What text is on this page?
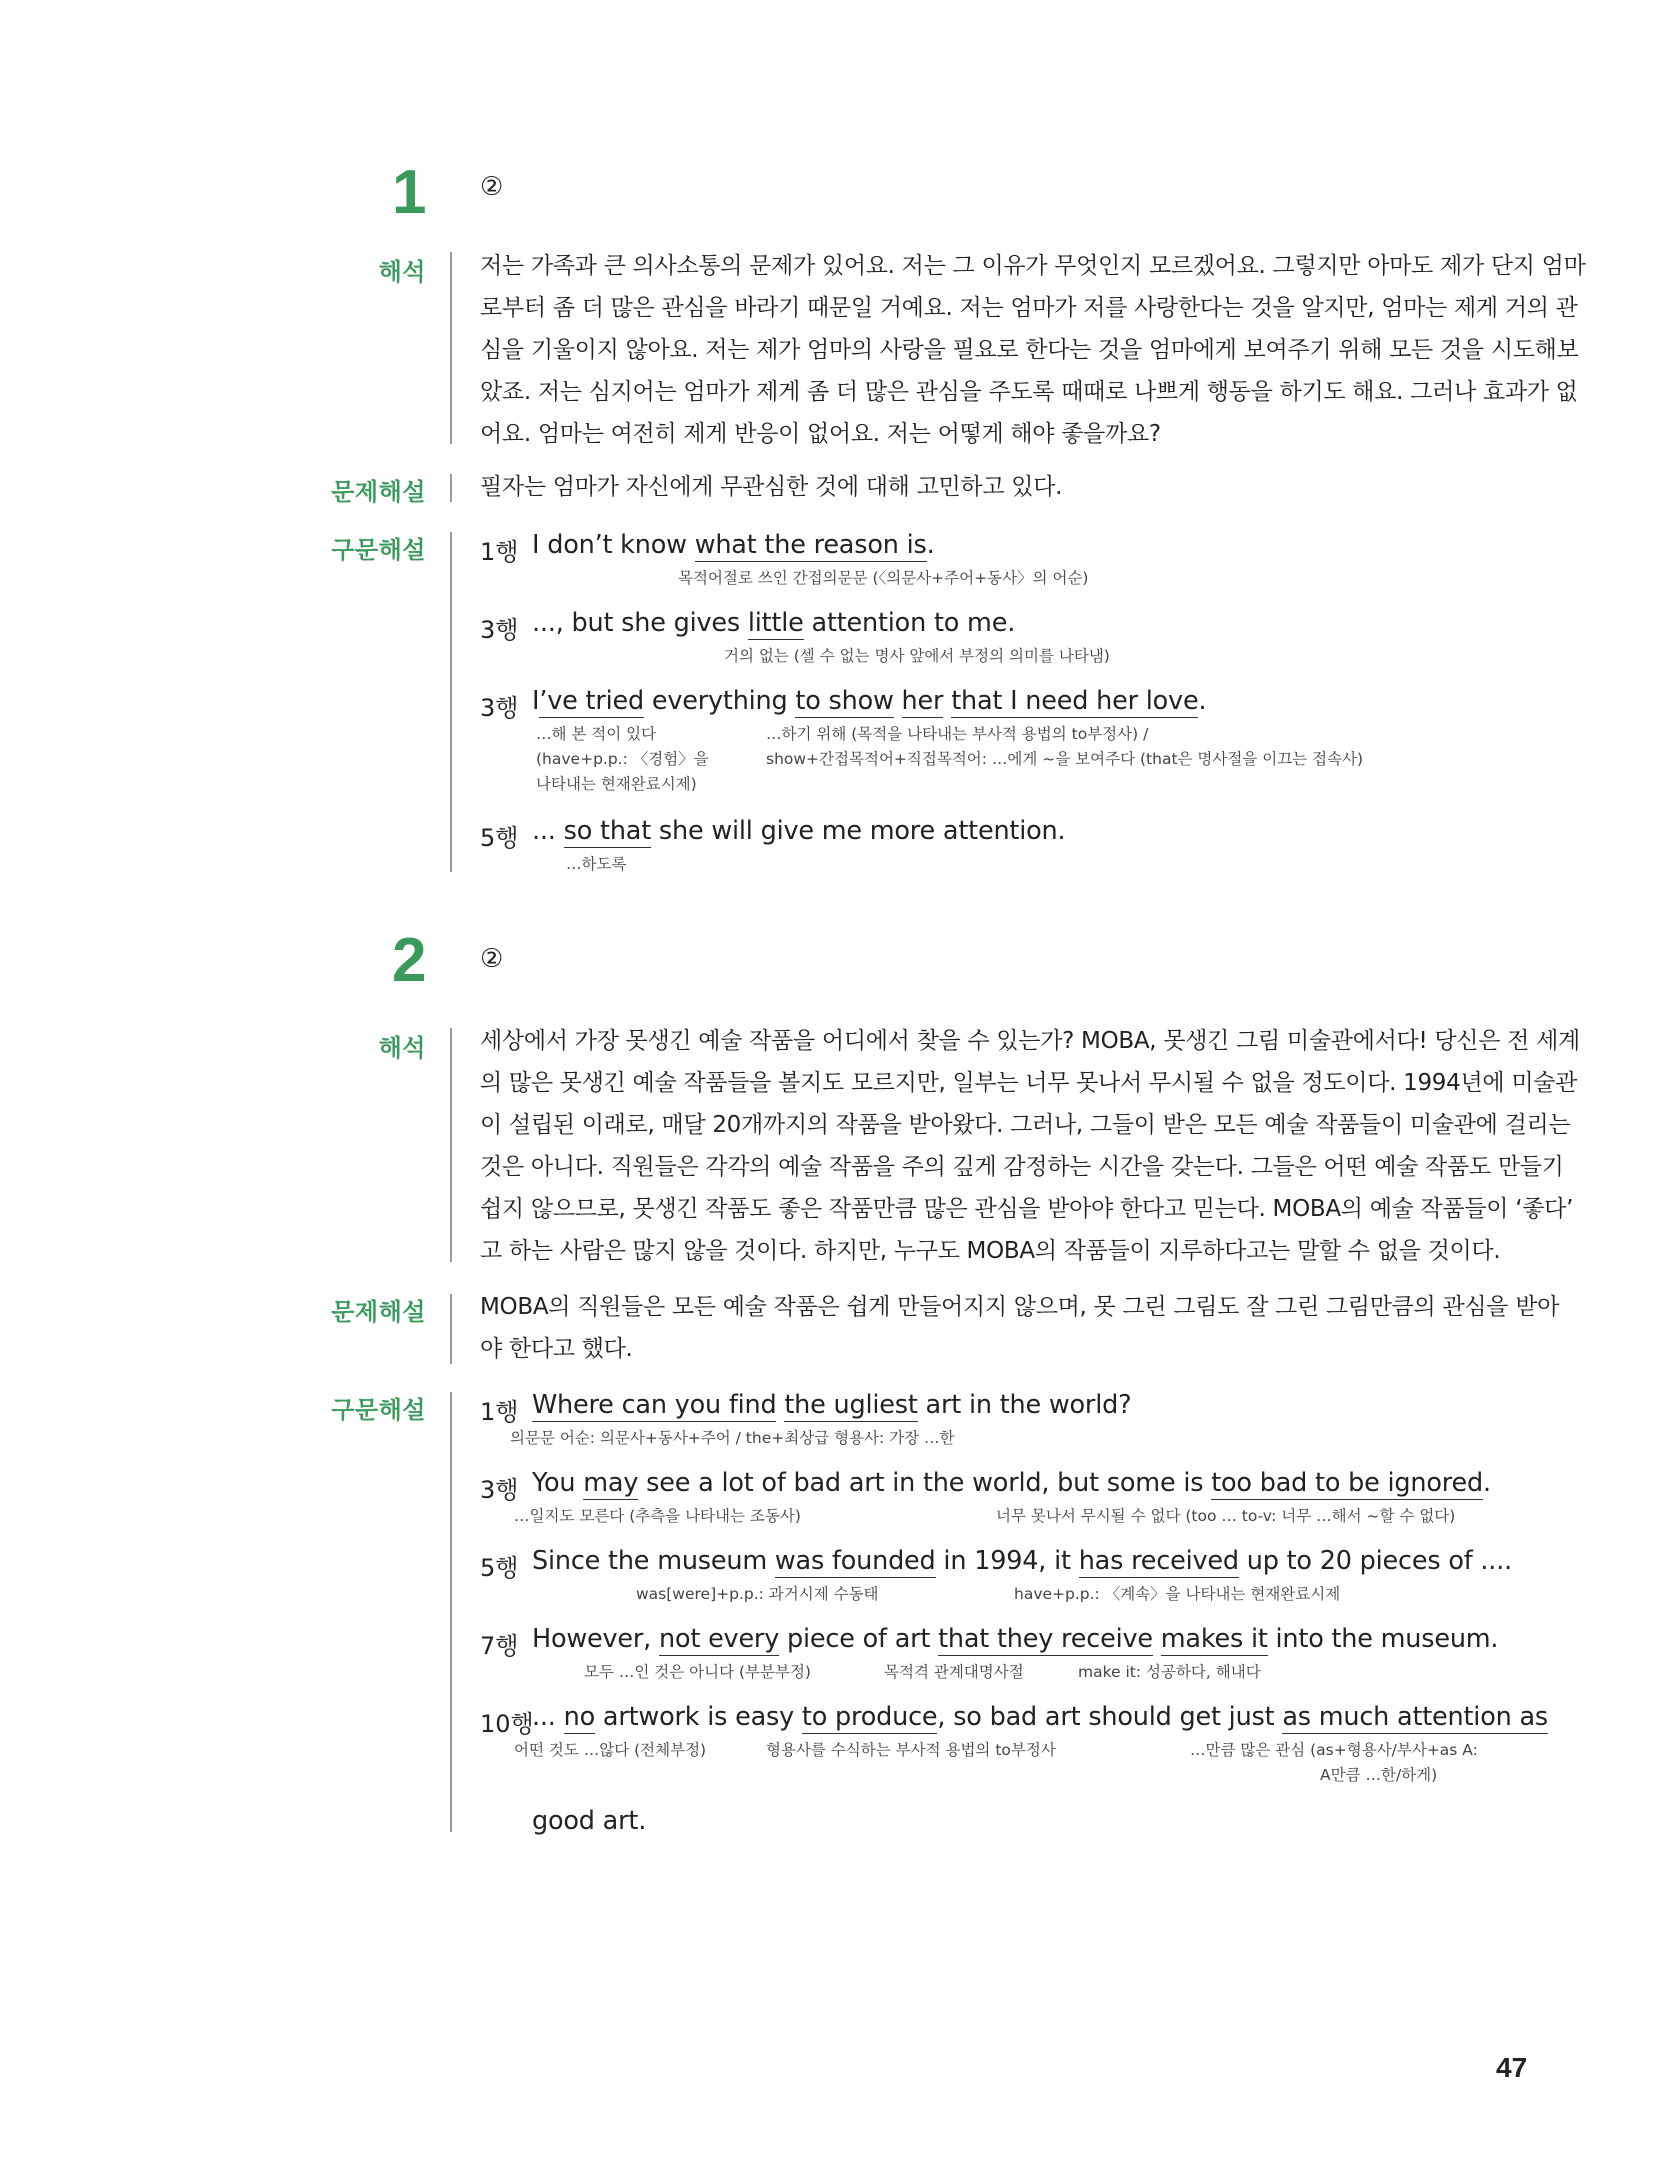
1 ②
해석 저는 가족과 큰 의사소통의 문제가 있어요. 저는 그 이유가 무엇인지 모르겠어요. 그렇지만 아마도 제가 단지 엄마

로부터 좀 더 많은 관심을 바라기 때문일 거예요. 저는 엄마가 저를 사랑한다는 것을 알지만, 엄마는 제게 거의 관

심을 기울이지 않아요. 저는 제가 엄마의 사랑을 필요로 한다는 것을 엄마에게 보여주기 위해 모든 것을 시도해보

았죠. 저는 심지어는 엄마가 제게 좀 더 많은 관심을 주도록 때때로 나쁘게 행동을 하기도 해요. 그러나 효과가 없

어요. 엄마는 여전히 제게 반응이 없어요. 저는 어떻게 해야 좋을까요?

문제해설 필자는 엄마가 자신에게 무관심한 것에 대해 고민하고 있다.

구문해설 1행 I don’t know what the reason is.
목적어절로 쓰인 간접의문문 (〈의문사+주어+동사〉의 어순)
3행 ..., but she gives little attention to me.
거의 없는 (셀 수 없는 명사 앞에서 부정의 의미를 나타냄)
3행 I’ve tried everything to show her that I need her love.
…해 본 적이 있다
(have+p.p.: 〈경험〉을
나타내는 현재완료시제)
…하기 위해 (목적을 나타내는 부사적 용법의 to부정사) /
show+간접목적어+직접목적어: …에게 ~을 보여주다 (that은 명사절을 이끄는 접속사)
5행 ... so that she will give me more attention.
…하도록
2 ②
해석 세상에서 가장 못생긴 예술 작품을 어디에서 찾을 수 있는가? MOBA, 못생긴 그림 미술관에서다! 당신은 전 세계

의 많은 못생긴 예술 작품들을 볼지도 모르지만, 일부는 너무 못나서 무시될 수 없을 정도이다. 1994년에 미술관

이 설립된 이래로, 매달 20개까지의 작품을 받아왔다. 그러나, 그들이 받은 모든 예술 작품들이 미술관에 걸리는

것은 아니다. 직원들은 각각의 예술 작품을 주의 깊게 감정하는 시간을 갖는다. 그들은 어떤 예술 작품도 만들기

쉽지 않으므로, 못생긴 작품도 좋은 작품만큼 많은 관심을 받아야 한다고 믿는다. MOBA의 예술 작품들이 ‘좋다’

고 하는 사람은 많지 않을 것이다. 하지만, 누구도 MOBA의 작품들이 지루하다고는 말할 수 없을 것이다.

문제해설 MOBA의 직원들은 모든 예술 작품은 쉽게 만들어지지 않으며, 못 그린 그림도 잘 그린 그림만큼의 관심을 받아

야 한다고 했다.

구문해설 1행 Where can you find the ugliest art in the world?
의문문 어순: 의문사+동사+주어 / the+최상급 형용사: 가장 …한
3행 You may see a lot of bad art in the world, but some is too bad to be ignored.
…일지도 모른다 (추측을 나타내는 조동사)	너무 못나서 무시될 수 없다 (too … to-v: 너무 …해서 ~할 수 없다)
5행 Since the museum was founded in 1994, it has received up to 20 pieces of ....
was[were]+p.p.: 과거시제 수동태	have+p.p.: 〈계속〉을 나타내는 현재완료시제
7행 However, not every piece of art that they receive makes it into the museum.
모두 …인 것은 아니다 (부분부정)	목적격 관계대명사절	make it: 성공하다, 해내다
10행
... no artwork is easy to produce, so bad art should get just as much attention as
어떤 것도 …않다 (전체부정)	형용사를 수식하는 부사적 용법의 to부정사	…만큼 많은 관심 (as+형용사/부사+as A:
A만큼 …한/하게)
good art.
47
